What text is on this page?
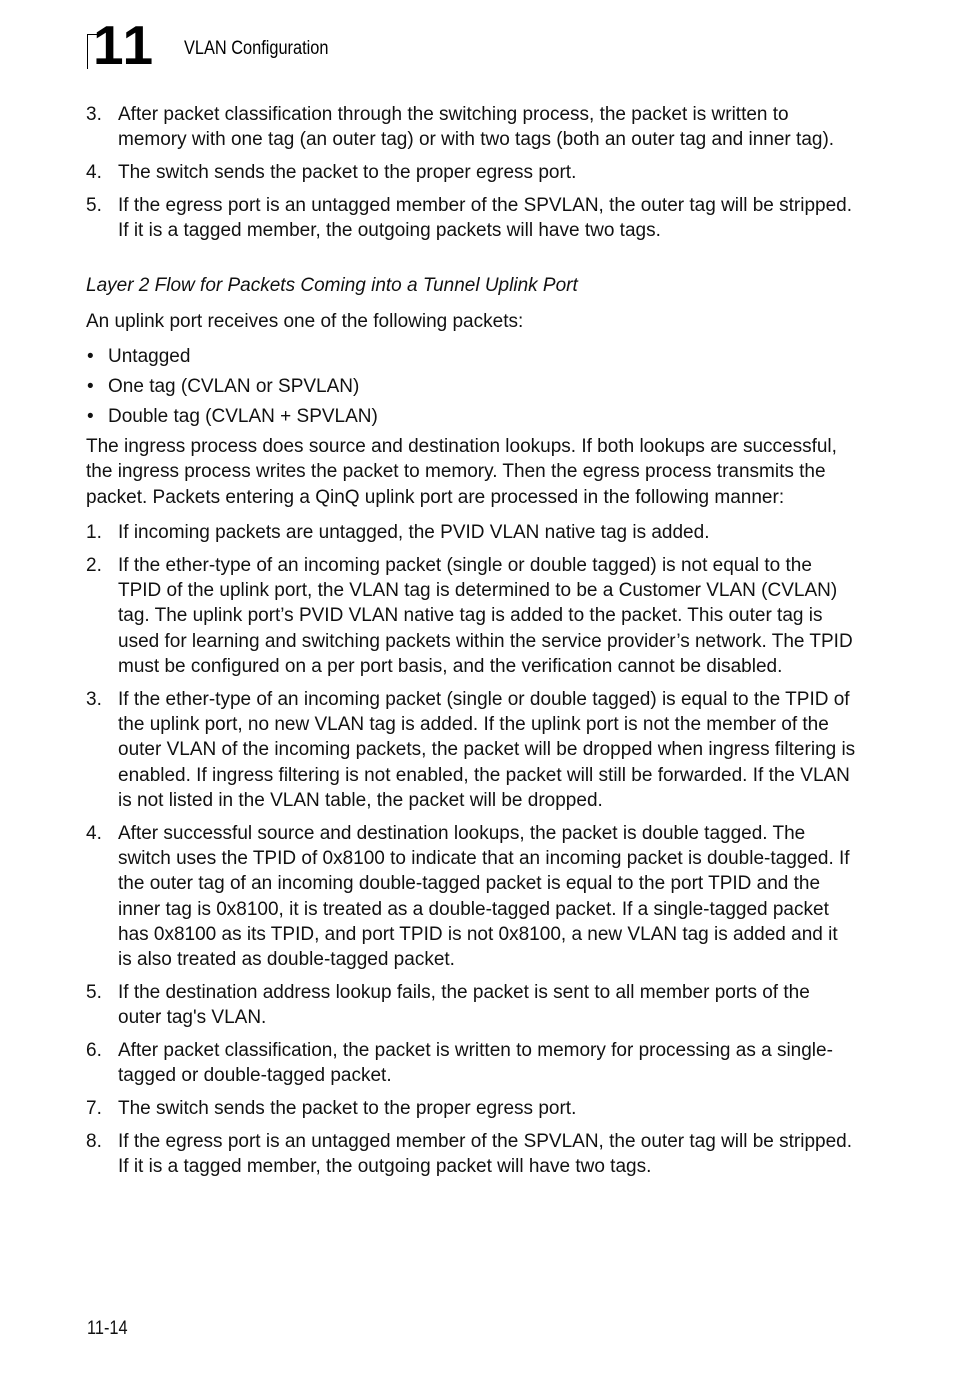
11 VLAN Configuration
3. After packet classification through the switching process, the packet is written to memory with one tag (an outer tag) or with two tags (both an outer tag and inner tag).
4. The switch sends the packet to the proper egress port.
5. If the egress port is an untagged member of the SPVLAN, the outer tag will be stripped. If it is a tagged member, the outgoing packets will have two tags.
Layer 2 Flow for Packets Coming into a Tunnel Uplink Port

An uplink port receives one of the following packets:

• Untagged
• One tag (CVLAN or SPVLAN)
• Double tag (CVLAN + SPVLAN)

The ingress process does source and destination lookups. If both lookups are successful, the ingress process writes the packet to memory. Then the egress process transmits the packet. Packets entering a QinQ uplink port are processed in the following manner:

1. If incoming packets are untagged, the PVID VLAN native tag is added.
2. If the ether-type of an incoming packet (single or double tagged) is not equal to the TPID of the uplink port, the VLAN tag is determined to be a Customer VLAN (CVLAN) tag. The uplink port’s PVID VLAN native tag is added to the packet. This outer tag is used for learning and switching packets within the service provider’s network. The TPID must be configured on a per port basis, and the verification cannot be disabled.
3. If the ether-type of an incoming packet (single or double tagged) is equal to the TPID of the uplink port, no new VLAN tag is added. If the uplink port is not the member of the outer VLAN of the incoming packets, the packet will be dropped when ingress filtering is enabled. If ingress filtering is not enabled, the packet will still be forwarded. If the VLAN is not listed in the VLAN table, the packet will be dropped.
4. After successful source and destination lookups, the packet is double tagged. The switch uses the TPID of 0x8100 to indicate that an incoming packet is double-tagged. If the outer tag of an incoming double-tagged packet is equal to the port TPID and the inner tag is 0x8100, it is treated as a double-tagged packet. If a single-tagged packet has 0x8100 as its TPID, and port TPID is not 0x8100, a new VLAN tag is added and it is also treated as double-tagged packet.
5. If the destination address lookup fails, the packet is sent to all member ports of the outer tag's VLAN.
6. After packet classification, the packet is written to memory for processing as a single-tagged or double-tagged packet.
7. The switch sends the packet to the proper egress port.
8. If the egress port is an untagged member of the SPVLAN, the outer tag will be stripped. If it is a tagged member, the outgoing packet will have two tags.
11-14
